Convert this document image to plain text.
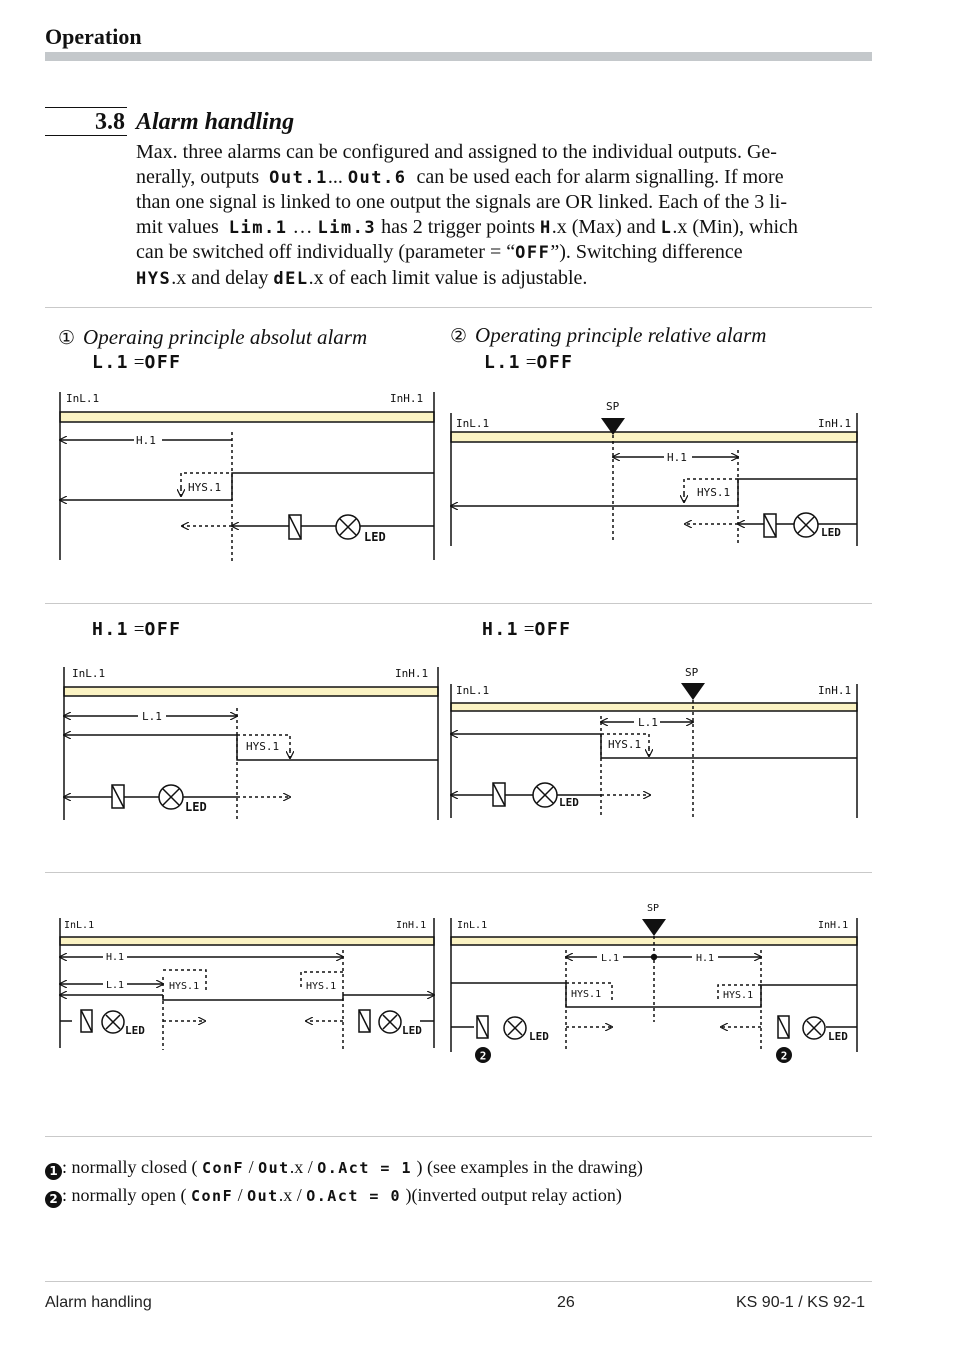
Operation
3.8 Alarm handling

Max. three alarms can be configured and assigned to the individual outputs. Ge-

nerally, outputs Out.1... Out.6 can be used each for alarm signalling. If more

than one signal is linked to one output the signals are OR linked. Each of the 3 li-

mit values Lim.1 … Lim.3 has 2 trigger points H.x (Max) and L.x (Min), which

can be switched off individually (parameter = “OFF”). Switching difference

HYS.x and delay dEL.x of each limit value is adjustable.

① Operaing principle absolut alarm	② Operating principle relative alarm
L.1 =OFF	L.1 =OFF
H.1 =OFF	H.1 =OFF
2	2
InL.1	InH.1
H.1
HYS.1
LED
SP
InL.1	InH.1
H.1
HYS.1
LED
InL.1	InH.1
L.1
HYS.1
LED
SP
InL.1	InH.1
L.1
HYS.1
LED
InL.1	InH.1
H.1
L.1	HYS.1	HYS.1
LED	LED
SP
InL.1	InH.1
L.1	H.1
HYS.1	HYS.1
LED	LED
1 : normally closed ( ConF / Out.x / O.Act = 1 ) (see examples in the drawing)
2 : normally open ( ConF / Out.x / O.Act = 0 )(inverted output relay action)
Alarm handling	26	KS 90-1 / KS 92-1
